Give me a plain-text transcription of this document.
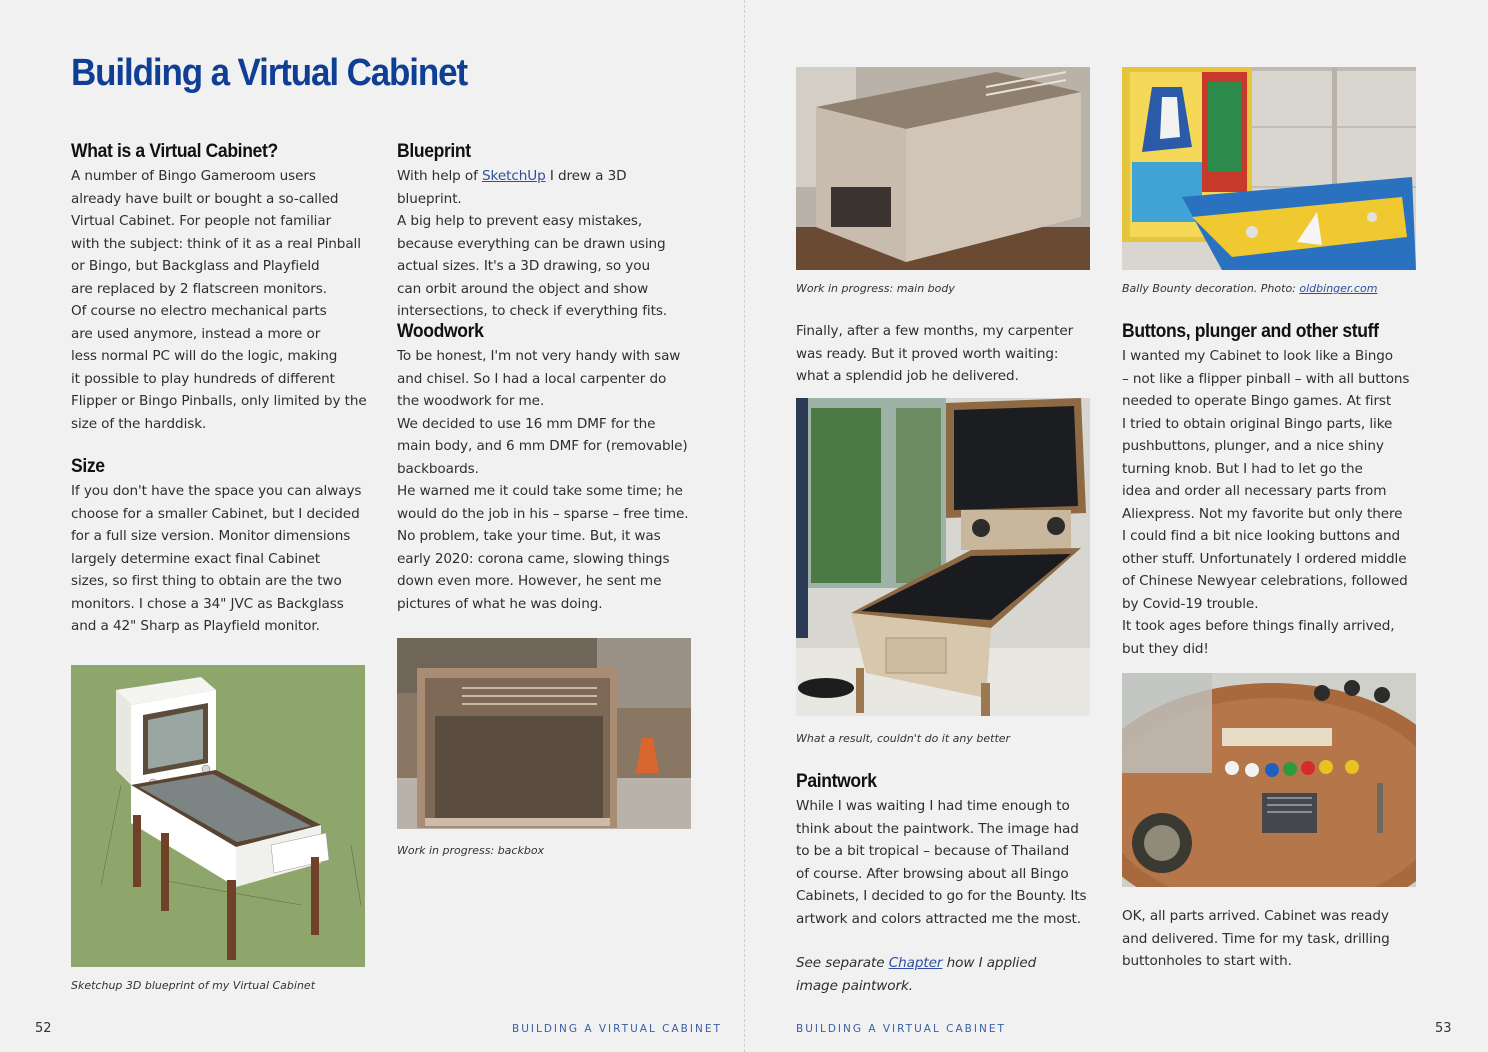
Building a Virtual Cabinet
What is a Virtual Cabinet?

A number of Bingo Gameroom users
already have built or bought a so-called
Virtual Cabinet. For people not familiar
with the subject: think of it as a real Pinball
or Bingo, but Backglass and Playfield
are replaced by 2 flatscreen monitors.
Of course no electro mechanical parts
are used anymore, instead a more or
less normal PC will do the logic, making
it possible to play hundreds of different
Flipper or Bingo Pinballs, only limited by the
size of the harddisk.

Size

If you don't have the space you can always
choose for a smaller Cabinet, but I decided
for a full size version. Monitor dimensions
largely determine exact final Cabinet
sizes, so first thing to obtain are the two
monitors. I chose a 34" JVC as Backglass
and a 42" Sharp as Playfield monitor.

Blueprint

With help of SketchUp I drew a 3D blueprint.
A big help to prevent easy mistakes,
because everything can be drawn using
actual sizes. It's a 3D drawing, so you
can orbit around the object and show
intersections, to check if everything fits.

Woodwork

To be honest, I'm not very handy with saw
and chisel. So I had a local carpenter do
the woodwork for me.
We decided to use 16 mm DMF for the
main body, and 6 mm DMF for (removable)
backboards.
He warned me it could take some time; he
would do the job in his – sparse – free time.
No problem, take your time. But, it was
early 2020: corona came, slowing things
down even more. However, he sent me
pictures of what he was doing.

Sketchup 3D blueprint of my Virtual Cabinet
Work in progress: backbox
52	BUILDING A VIRTUAL CABINET
Work in progress: main body	Bally Bounty decoration. Photo: oldbinger.com

Finally, after a few months, my carpenter
was ready. But it proved worth waiting:
what a splendid job he delivered.

What a result, couldn't do it any better
Paintwork

While I was waiting I had time enough to
think about the paintwork. The image had
to be a bit tropical – because of Thailand
of course. After browsing about all Bingo
Cabinets, I decided to go for the Bounty. Its
artwork and colors attracted me the most.

See separate Chapter how I applied
image paintwork.

Buttons, plunger and other stuff

I wanted my Cabinet to look like a Bingo
– not like a flipper pinball – with all buttons
needed to operate Bingo games. At first
I tried to obtain original Bingo parts, like
pushbuttons, plunger, and a nice shiny
turning knob. But I had to let go the
idea and order all necessary parts from
Aliexpress. Not my favorite but only there
I could find a bit nice looking buttons and
other stuff. Unfortunately I ordered middle
of Chinese Newyear celebrations, followed
by Covid-19 trouble.
It took ages before things finally arrived,
but they did!

OK, all parts arrived. Cabinet was ready
and delivered. Time for my task, drilling
buttonholes to start with.

BUILDING A VIRTUAL CABINET	53
